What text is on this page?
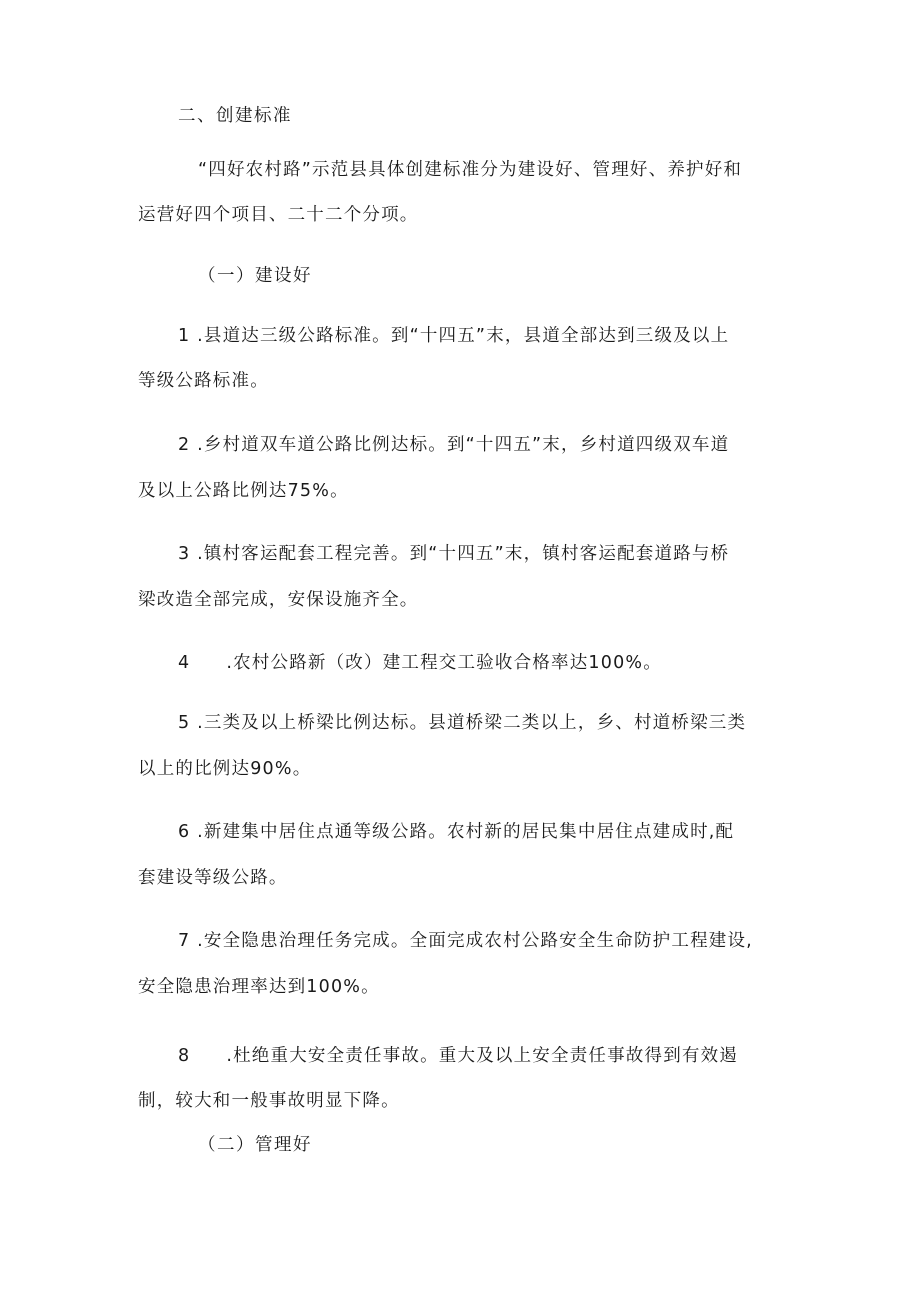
二、创建标准
“四好农村路”示范县具体创建标准分为建设好、管理好、养护好和
运营好四个项目、二十二个分项。
（一）建设好
1 .县道达三级公路标准。到“十四五”末，县道全部达到三级及以上
等级公路标准。
2 .乡村道双车道公路比例达标。到“十四五”末，乡村道四级双车道
及以上公路比例达75%。
3 .镇村客运配套工程完善。到“十四五”末，镇村客运配套道路与桥
梁改造全部完成，安保设施齐全。
4 .农村公路新（改）建工程交工验收合格率达100%。
5 .三类及以上桥梁比例达标。县道桥梁二类以上，乡、村道桥梁三类
以上的比例达90%。
6 .新建集中居住点通等级公路。农村新的居民集中居住点建成时,配
套建设等级公路。
7 .安全隐患治理任务完成。全面完成农村公路安全生命防护工程建设,
安全隐患治理率达到100%。
8 .杜绝重大安全责任事故。重大及以上安全责任事故得到有效遏
制，较大和一般事故明显下降。
（二）管理好
